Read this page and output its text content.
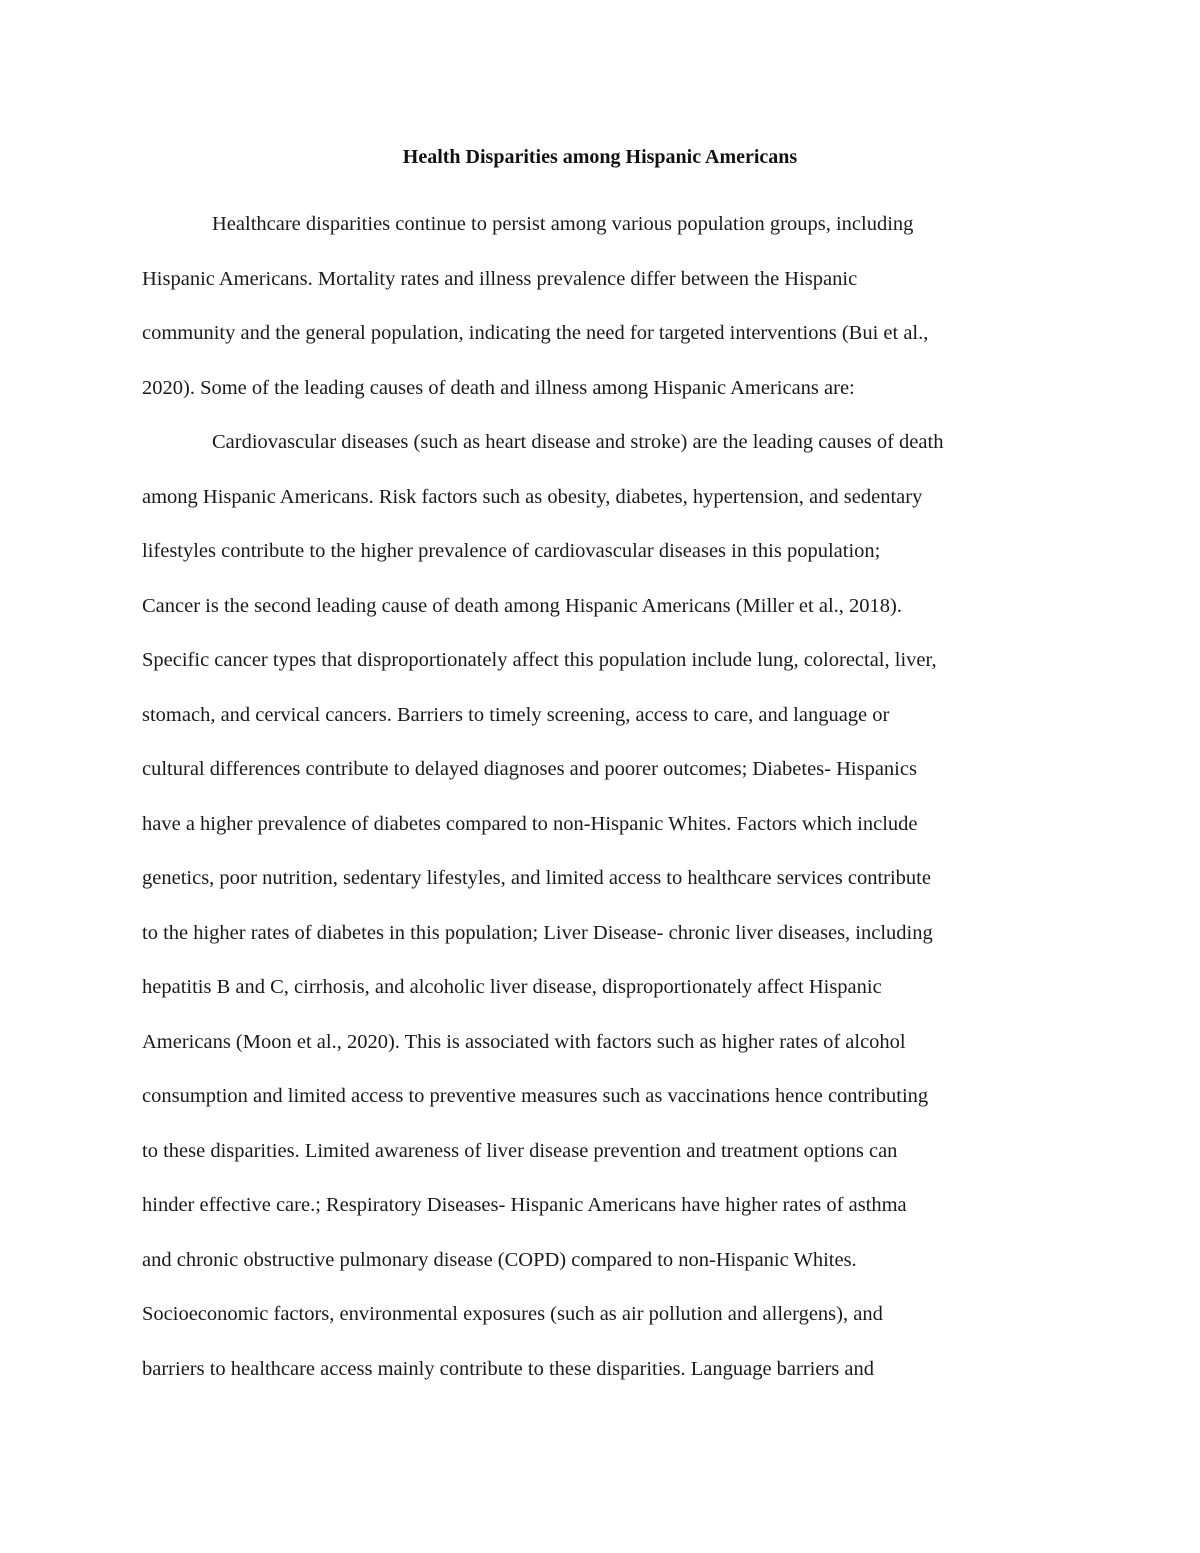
Health Disparities among Hispanic Americans
Healthcare disparities continue to persist among various population groups, including
Hispanic Americans. Mortality rates and illness prevalence differ between the Hispanic
community and the general population, indicating the need for targeted interventions (Bui et al.,
2020). Some of the leading causes of death and illness among Hispanic Americans are:
Cardiovascular diseases (such as heart disease and stroke) are the leading causes of death
among Hispanic Americans. Risk factors such as obesity, diabetes, hypertension, and sedentary
lifestyles contribute to the higher prevalence of cardiovascular diseases in this population;
Cancer is the second leading cause of death among Hispanic Americans (Miller et al., 2018).
Specific cancer types that disproportionately affect this population include lung, colorectal, liver,
stomach, and cervical cancers. Barriers to timely screening, access to care, and language or
cultural differences contribute to delayed diagnoses and poorer outcomes; Diabetes- Hispanics
have a higher prevalence of diabetes compared to non-Hispanic Whites. Factors which include
genetics, poor nutrition, sedentary lifestyles, and limited access to healthcare services contribute
to the higher rates of diabetes in this population; Liver Disease- chronic liver diseases, including
hepatitis B and C, cirrhosis, and alcoholic liver disease, disproportionately affect Hispanic
Americans (Moon et al., 2020). This is associated with factors such as higher rates of alcohol
consumption and limited access to preventive measures such as vaccinations hence contributing
to these disparities. Limited awareness of liver disease prevention and treatment options can
hinder effective care.; Respiratory Diseases- Hispanic Americans have higher rates of asthma
and chronic obstructive pulmonary disease (COPD) compared to non-Hispanic Whites.
Socioeconomic factors, environmental exposures (such as air pollution and allergens), and
barriers to healthcare access mainly contribute to these disparities. Language barriers and
